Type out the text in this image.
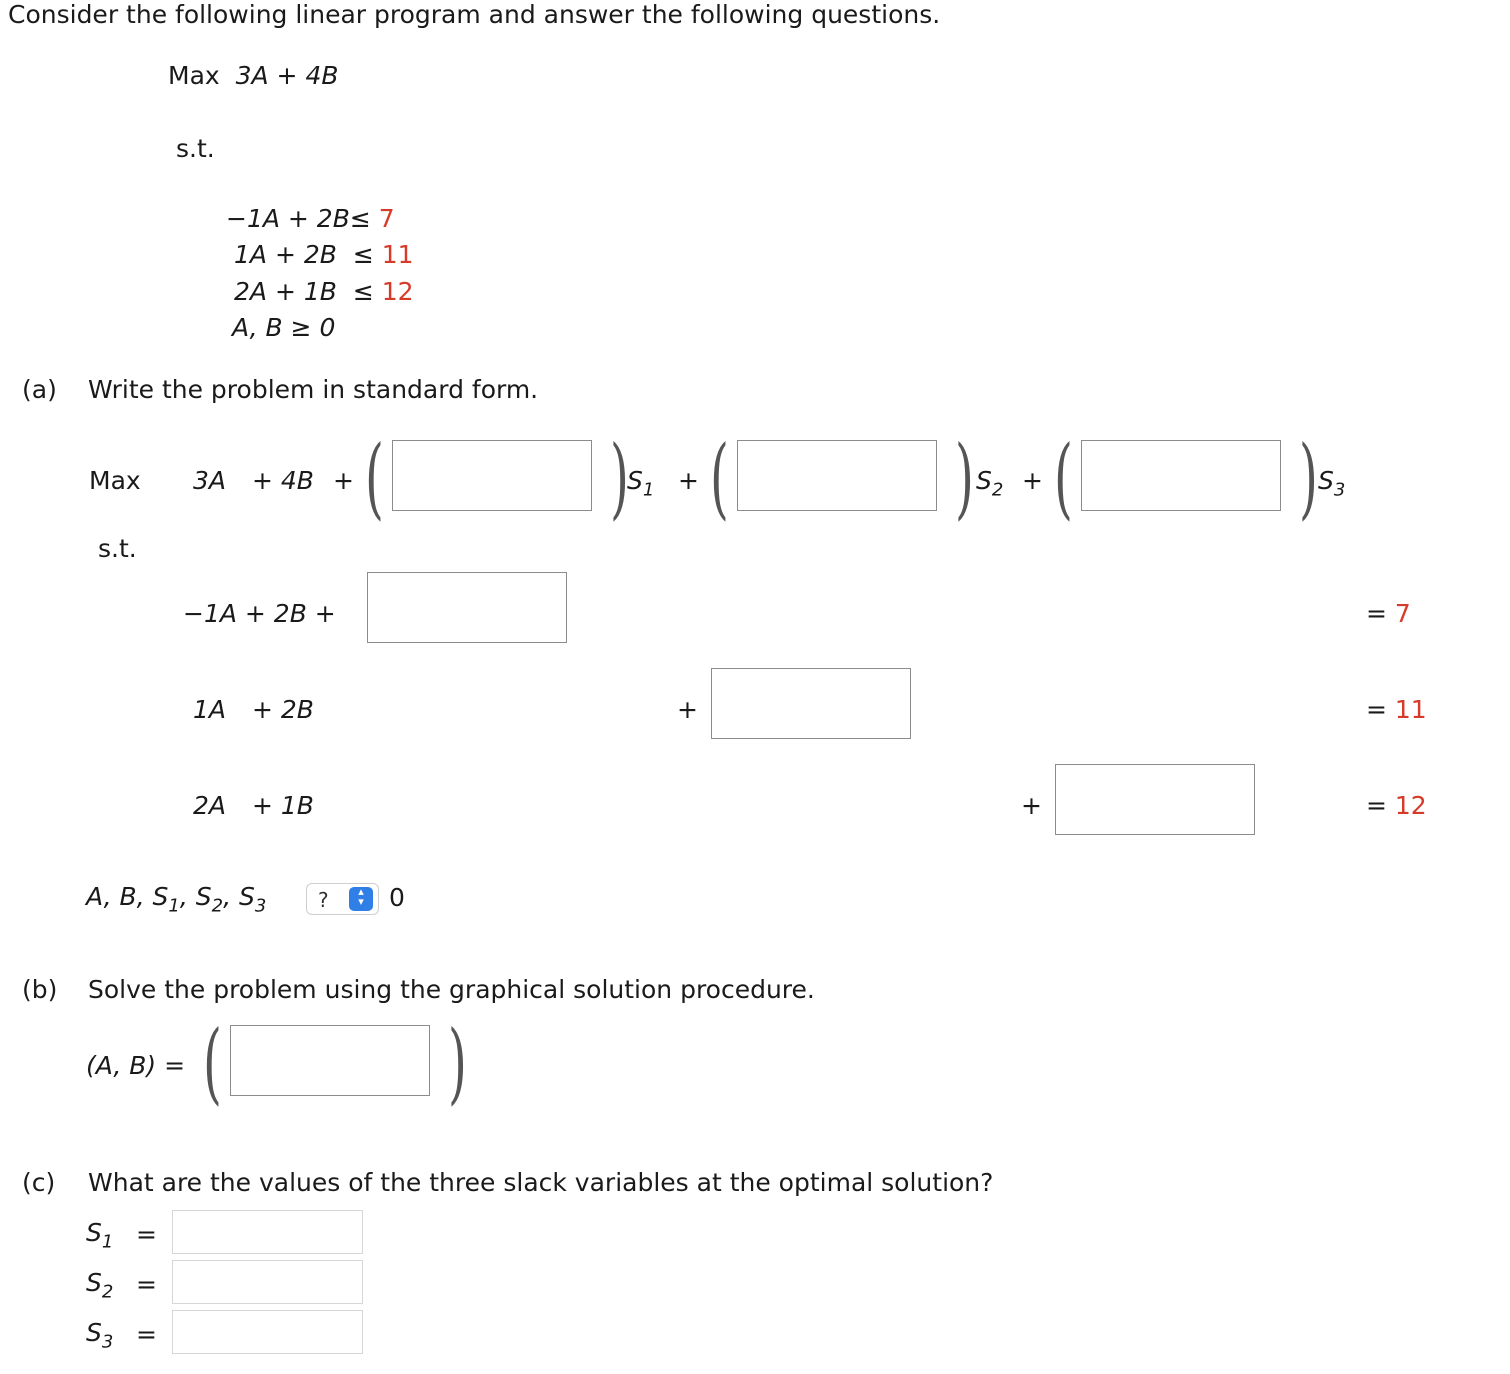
Consider the following linear program and answer the following questions.
Max 3A + 4B
s.t.
−1A + 2B≤ 7
1A + 2B ≤ 11
2A + 1B ≤ 12
A, B ≥ 0
(a) Write the problem in standard form.
Max 3A + 4B + (	)
$S_1$ + (	) $S_2$ + (	) $S_3$
s.t.
−1A + 2B +	= 7
1A + 2B	+	= 11
2A + 1B	+	= 12
A, B, $S_1$, $S_2$, $S_3$	?	▴
▾	0
(b) Solve the problem using the graphical solution procedure.
(A, B) = (	)
(c) What are the values of the three slack variables at the optimal solution?
$S_1$ =
$S_2$ =
$S_3$ =
